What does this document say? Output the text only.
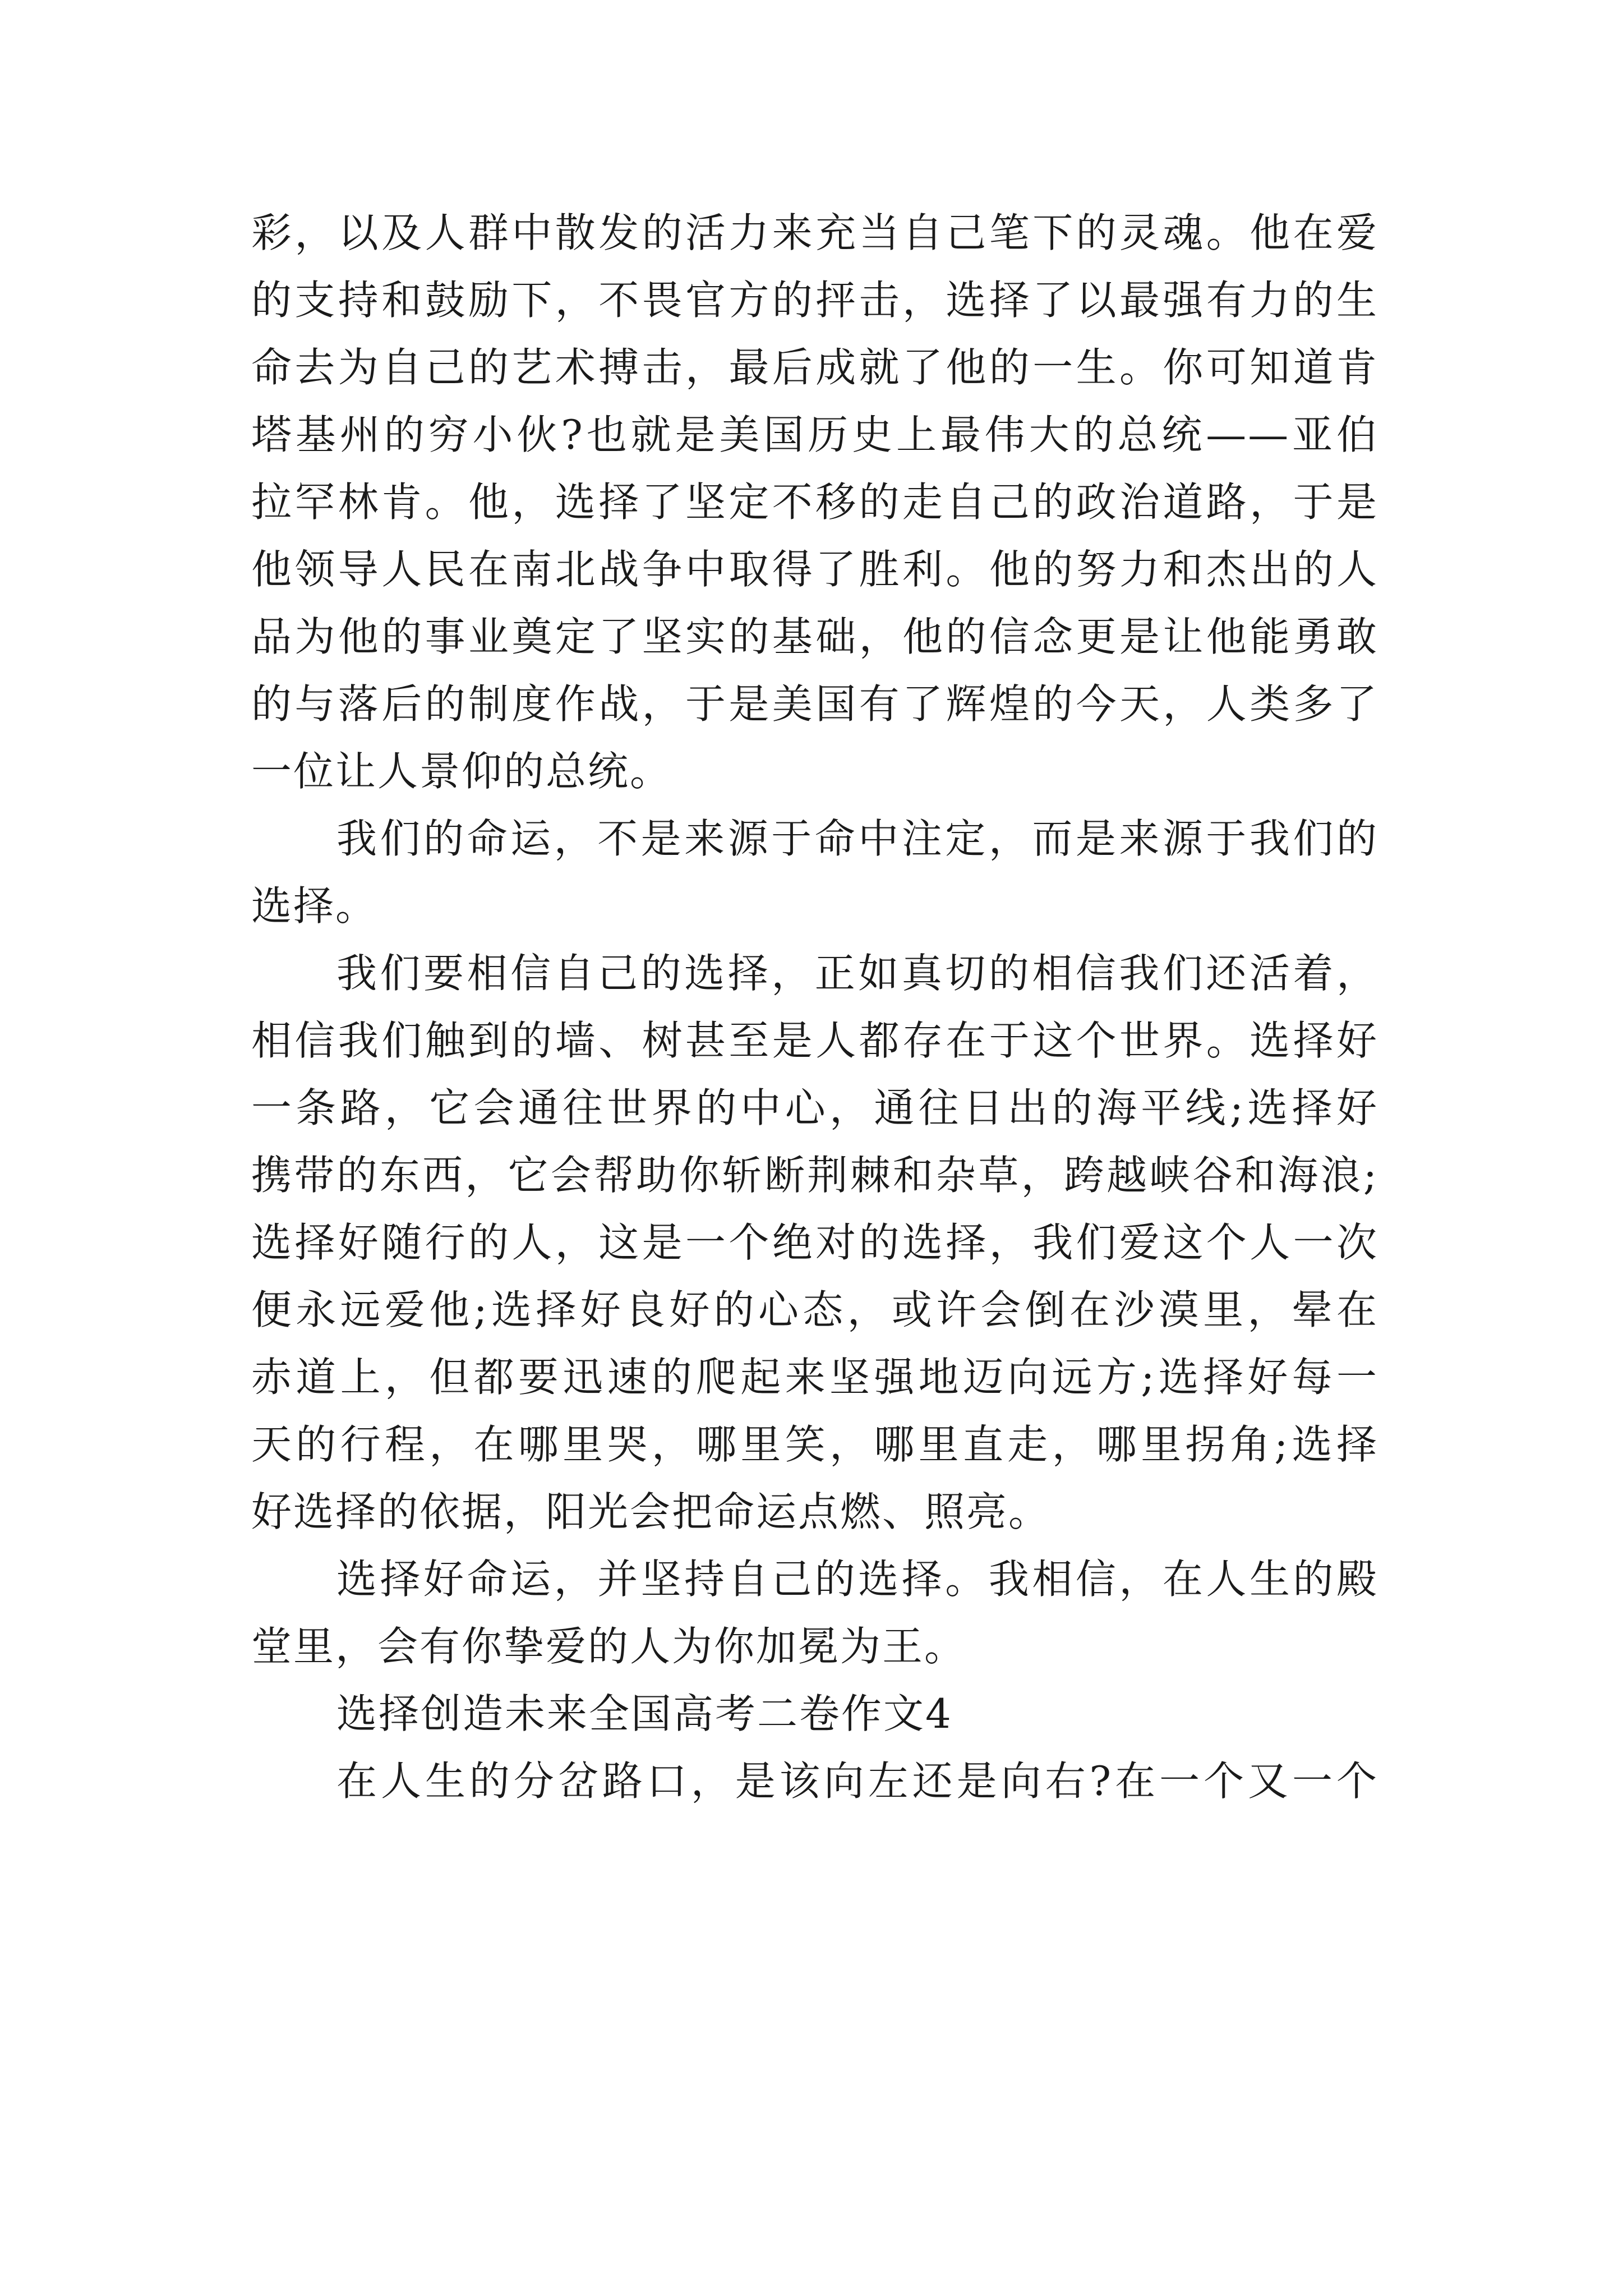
彩，以及人群中散发的活力来充当自己笔下的灵魂。他在爱
的支持和鼓励下，不畏官方的抨击，选择了以最强有力的生
命去为自己的艺术搏击，最后成就了他的一生。你可知道肯
塔基州的穷小伙?也就是美国历史上最伟大的总统——亚伯
拉罕林肯。他，选择了坚定不移的走自己的政治道路，于是
他领导人民在南北战争中取得了胜利。他的努力和杰出的人
品为他的事业奠定了坚实的基础，他的信念更是让他能勇敢
的与落后的制度作战，于是美国有了辉煌的今天，人类多了
一位让人景仰的总统。
我们的命运，不是来源于命中注定，而是来源于我们的
选择。
我们要相信自己的选择，正如真切的相信我们还活着，
相信我们触到的墙、树甚至是人都存在于这个世界。选择好
一条路，它会通往世界的中心，通往日出的海平线;选择好
携带的东西，它会帮助你斩断荆棘和杂草，跨越峡谷和海浪;
选择好随行的人，这是一个绝对的选择，我们爱这个人一次
便永远爱他;选择好良好的心态，或许会倒在沙漠里，晕在
赤道上，但都要迅速的爬起来坚强地迈向远方;选择好每一
天的行程，在哪里哭，哪里笑，哪里直走，哪里拐角;选择
好选择的依据，阳光会把命运点燃、照亮。
选择好命运，并坚持自己的选择。我相信，在人生的殿
堂里，会有你挚爱的人为你加冕为王。
选择创造未来全国高考二卷作文4
在人生的分岔路口，是该向左还是向右?在一个又一个
